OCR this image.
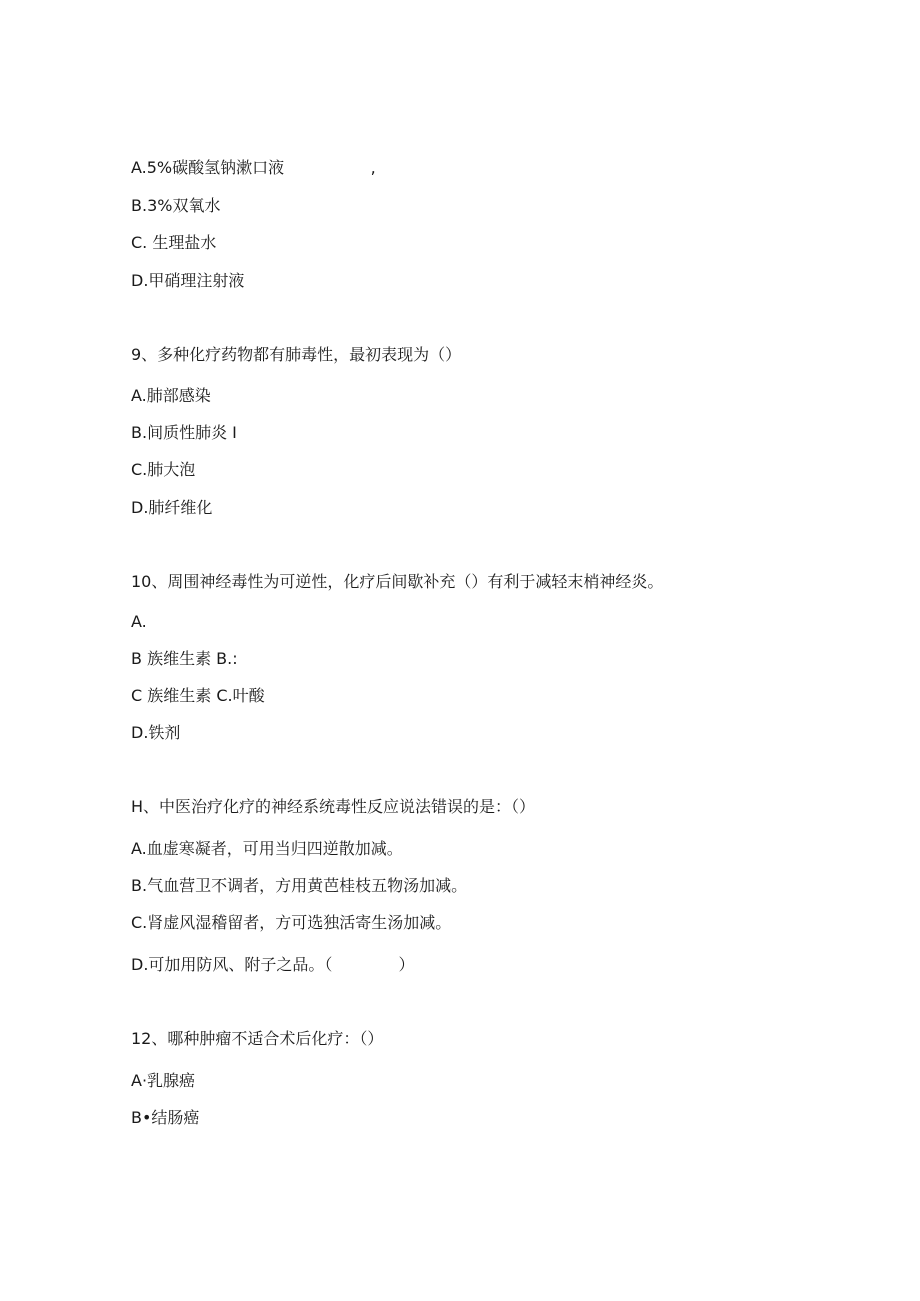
A.5%碳酸氢钠漱口液                 ,
B.3%双氧水
C. 生理盐水
D.甲硝理注射液
9、多种化疗药物都有肺毒性，最初表现为（）
A.肺部感染
B.间质性肺炎 I
C.肺大泡
D.肺纤维化
10、周围神经毒性为可逆性，化疗后间歇补充（）有利于减轻末梢神经炎。
A.
B 族维生素 B.:
C 族维生素 C.叶酸
D.铁剂
H、中医治疗化疗的神经系统毒性反应说法错误的是：（）
A.血虚寒凝者，可用当归四逆散加减。
B.气血营卫不调者，方用黄芭桂枝五物汤加减。
C.肾虚风湿稽留者，方可选独活寄生汤加减。
D.可加用防风、附子之品。（             ）
12、哪种肿瘤不适合术后化疗：（）
A·乳腺癌
B•结肠癌
